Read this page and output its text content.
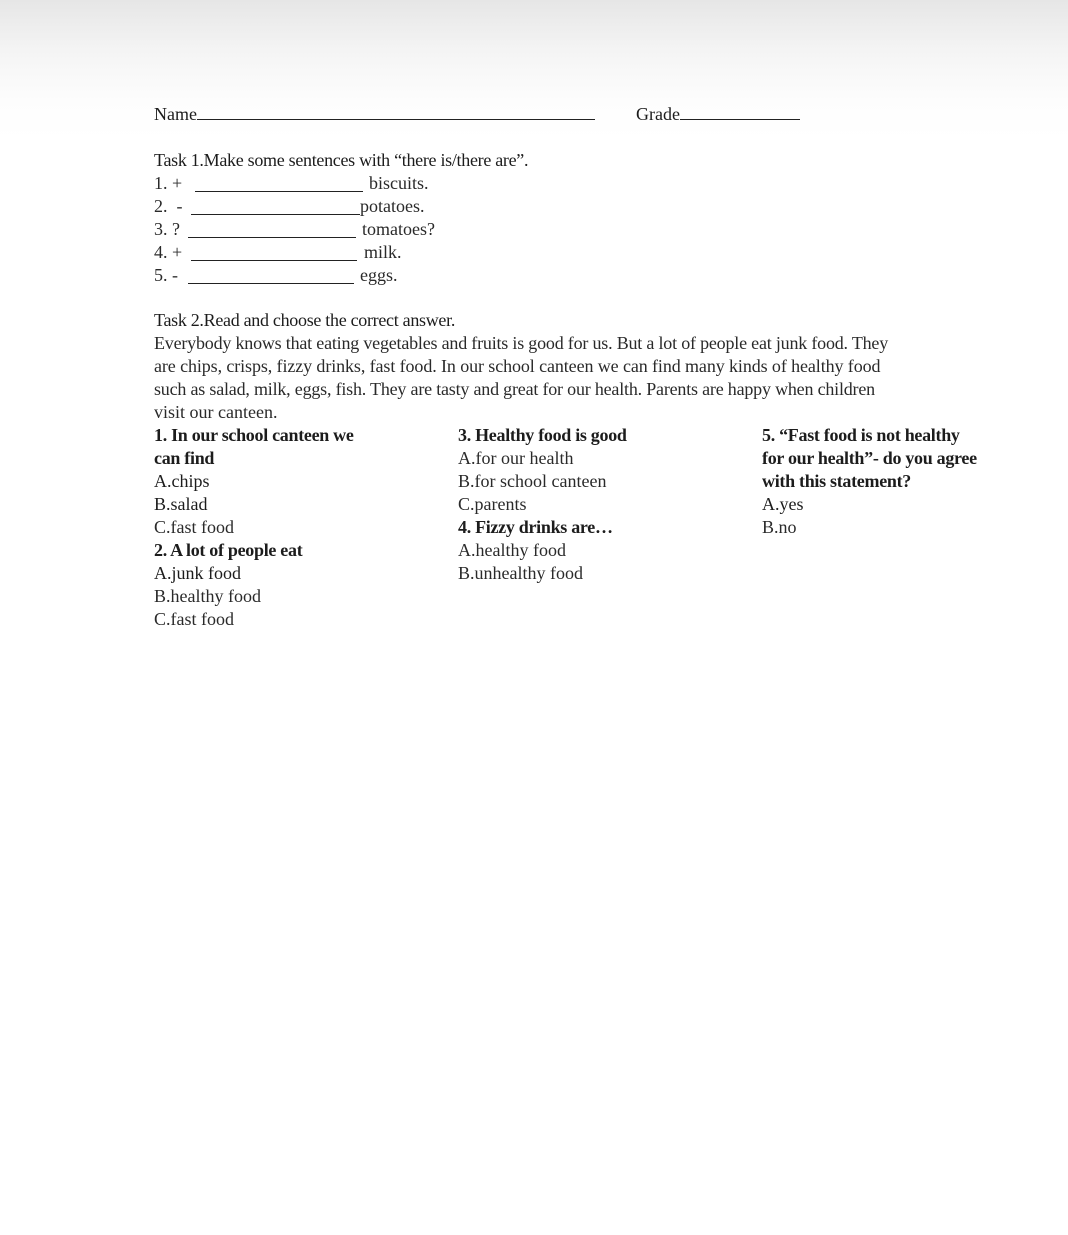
Name	Grade
Task 1.Make some sentences with “there is/there are”.
1. +	biscuits.
2.  -	potatoes.
3. ?	tomatoes?
4. +	milk.
5. -	eggs.
Task 2.Read and choose the correct answer.
Everybody knows that eating vegetables and fruits is good for us. But a lot of people eat junk food. They
are chips, crisps, fizzy drinks, fast food. In our school canteen we can find many kinds of healthy food
such as salad, milk, eggs, fish. They are tasty and great for our health. Parents are happy when children
visit our canteen.
1. In our school canteen we
can find
A.chips
B.salad
C.fast food
2. A lot of people eat
A.junk food
B.healthy food
C.fast food
3. Healthy food is good
A.for our health
B.for school canteen
C.parents
4. Fizzy drinks are…
A.healthy food
B.unhealthy food
5. “Fast food is not healthy
for our health”- do you agree
with this statement?
A.yes
B.no
